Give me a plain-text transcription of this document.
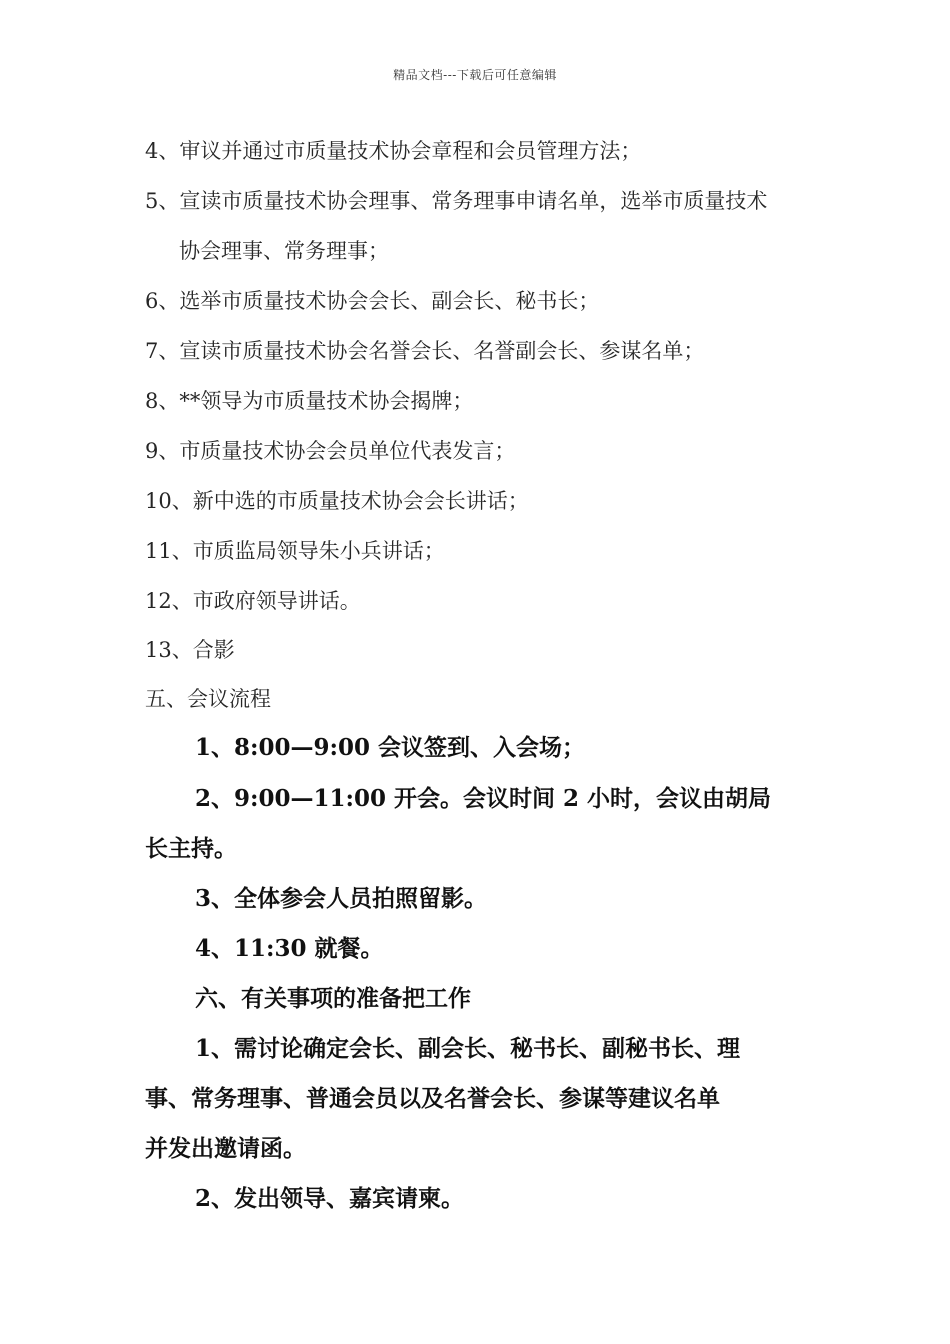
精品文档---下载后可任意编辑
4、审议并通过市质量技术协会章程和会员管理方法；
5、宣读市质量技术协会理事、常务理事申请名单，选举市质量技术
协会理事、常务理事；
6、选举市质量技术协会会长、副会长、秘书长；
7、宣读市质量技术协会名誉会长、名誉副会长、参谋名单；
8、**领导为市质量技术协会揭牌；
9、市质量技术协会会员单位代表发言；
10、新中选的市质量技术协会会长讲话；
11、市质监局领导朱小兵讲话；
12、市政府领导讲话。
13、合影
五、会议流程
1、8:00—9:00 会议签到、入会场；
2、9:00—11:00 开会。会议时间 2 小时，会议由胡局
长主持。
3、全体参会人员拍照留影。
4、11:30 就餐。
六、有关事项的准备把工作
1、需讨论确定会长、副会长、秘书长、副秘书长、理
事、常务理事、普通会员以及名誉会长、参谋等建议名单
并发出邀请函。
2、发出领导、嘉宾请柬。
